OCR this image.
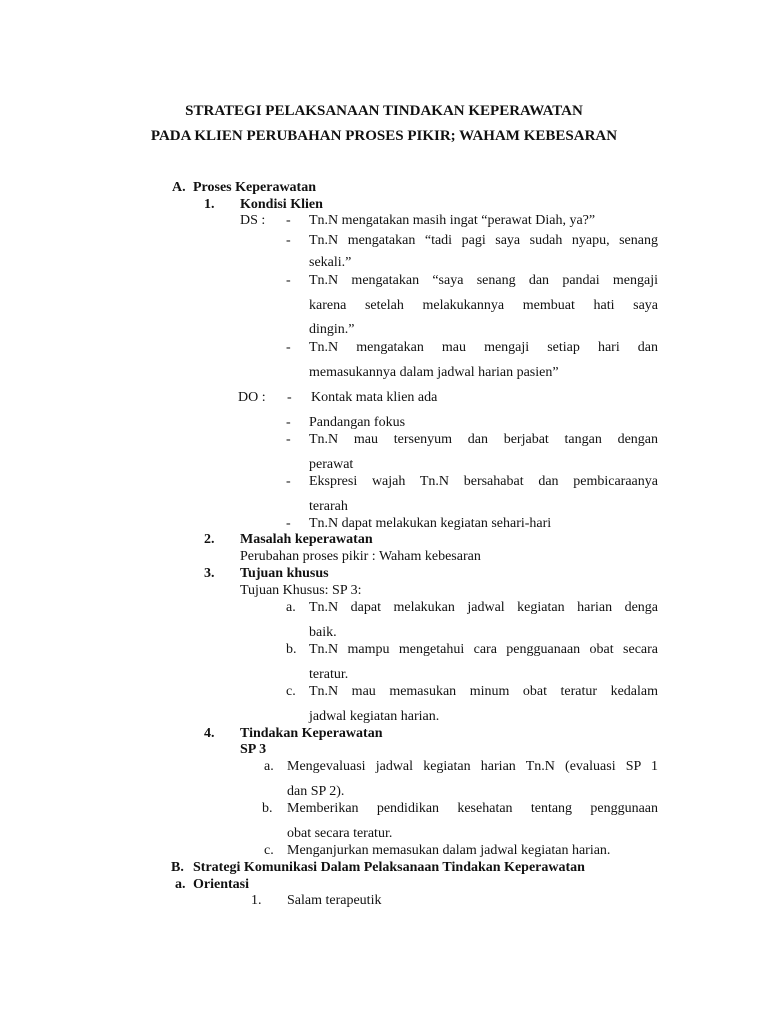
STRATEGI PELAKSANAAN TINDAKAN KEPERAWATAN
PADA KLIEN PERUBAHAN PROSES PIKIR; WAHAM KEBESARAN
A. Proses Keperawatan
1. Kondisi Klien
DS : - Tn.N mengatakan masih ingat “perawat Diah, ya?”
- Tn.N mengatakan “tadi pagi saya sudah nyapu, senang
sekali.”
- Tn.N mengatakan “saya senang dan pandai mengaji
karena setelah melakukannya membuat hati saya
dingin.”
- Tn.N mengatakan mau mengaji setiap hari dan
memasukannya dalam jadwal harian pasien”
DO : - Kontak mata klien ada
- Pandangan fokus
- Tn.N mau tersenyum dan berjabat tangan dengan
perawat
- Ekspresi wajah Tn.N bersahabat dan pembicaraanya
terarah
- Tn.N dapat melakukan kegiatan sehari-hari
2. Masalah keperawatan
Perubahan proses pikir : Waham kebesaran
3. Tujuan khusus
Tujuan Khusus: SP 3:
a. Tn.N dapat melakukan jadwal kegiatan harian denga
baik.
b. Tn.N mampu mengetahui cara pengguanaan obat secara
teratur.
c. Tn.N mau memasukan minum obat teratur kedalam
jadwal kegiatan harian.
4. Tindakan Keperawatan
SP 3
a. Mengevaluasi jadwal kegiatan harian Tn.N (evaluasi SP 1
dan SP 2).
b. Memberikan pendidikan kesehatan tentang penggunaan
obat secara teratur.
c. Menganjurkan memasukan dalam jadwal kegiatan harian.
B. Strategi Komunikasi Dalam Pelaksanaan Tindakan Keperawatan
a. Orientasi
1. Salam terapeutik
